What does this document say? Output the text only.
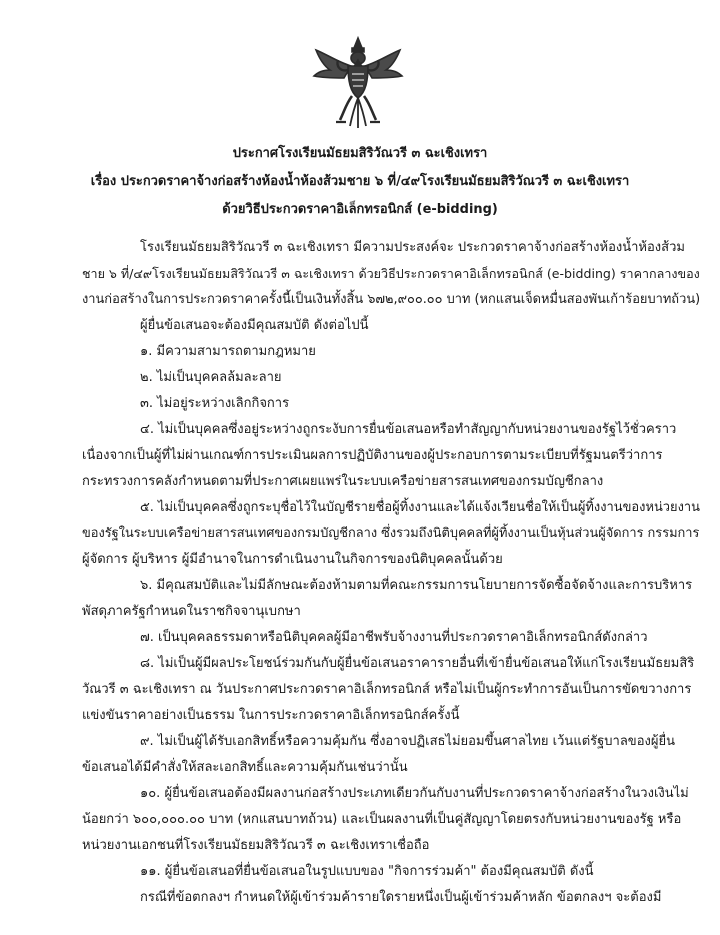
ประกาศโรงเรียนมัธยมสิริวัณวรี ๓ ฉะเชิงเทรา
เรื่อง ประกวดราคาจ้างก่อสร้างห้องน้ำห้องส้วมชาย ๖ ที่/๔๙โรงเรียนมัธยมสิริวัณวรี ๓ ฉะเชิงเทรา
ด้วยวิธีประกวดราคาอิเล็กทรอนิกส์ (e-bidding)
โรงเรียนมัธยมสิริวัณวรี ๓ ฉะเชิงเทรา มีความประสงค์จะ ประกวดราคาจ้างก่อสร้างห้องน้ำห้องส้วม
ชาย ๖ ที่/๔๙โรงเรียนมัธยมสิริวัณวรี ๓ ฉะเชิงเทรา ด้วยวิธีประกวดราคาอิเล็กทรอนิกส์ (e-bidding) ราคากลางของ
งานก่อสร้างในการประกวดราคาครั้งนี้เป็นเงินทั้งสิ้น ๖๗๒,๙๐๐.๐๐ บาท (หกแสนเจ็ดหมื่นสองพันเก้าร้อยบาทถ้วน)
ผู้ยื่นข้อเสนอจะต้องมีคุณสมบัติ ดังต่อไปนี้
๑. มีความสามารถตามกฎหมาย
๒. ไม่เป็นบุคคลล้มละลาย
๓. ไม่อยู่ระหว่างเลิกกิจการ
๔. ไม่เป็นบุคคลซึ่งอยู่ระหว่างถูกระงับการยื่นข้อเสนอหรือทำสัญญากับหน่วยงานของรัฐไว้ชั่วคราว
เนื่องจากเป็นผู้ที่ไม่ผ่านเกณฑ์การประเมินผลการปฏิบัติงานของผู้ประกอบการตามระเบียบที่รัฐมนตรีว่าการ
กระทรวงการคลังกำหนดตามที่ประกาศเผยแพร่ในระบบเครือข่ายสารสนเทศของกรมบัญชีกลาง
๕. ไม่เป็นบุคคลซึ่งถูกระบุชื่อไว้ในบัญชีรายชื่อผู้ทิ้งงานและได้แจ้งเวียนชื่อให้เป็นผู้ทิ้งงานของหน่วยงาน
ของรัฐในระบบเครือข่ายสารสนเทศของกรมบัญชีกลาง ซึ่งรวมถึงนิติบุคคลที่ผู้ทิ้งงานเป็นหุ้นส่วนผู้จัดการ กรรมการ
ผู้จัดการ ผู้บริหาร ผู้มีอำนาจในการดำเนินงานในกิจการของนิติบุคคลนั้นด้วย
๖. มีคุณสมบัติและไม่มีลักษณะต้องห้ามตามที่คณะกรรมการนโยบายการจัดซื้อจัดจ้างและการบริหาร
พัสดุภาครัฐกำหนดในราชกิจจานุเบกษา
๗. เป็นบุคคลธรรมดาหรือนิติบุคคลผู้มีอาชีพรับจ้างงานที่ประกวดราคาอิเล็กทรอนิกส์ดังกล่าว
๘. ไม่เป็นผู้มีผลประโยชน์ร่วมกันกับผู้ยื่นข้อเสนอราคารายอื่นที่เข้ายื่นข้อเสนอให้แก่โรงเรียนมัธยมสิริ
วัณวรี ๓ ฉะเชิงเทรา ณ วันประกาศประกวดราคาอิเล็กทรอนิกส์ หรือไม่เป็นผู้กระทำการอันเป็นการขัดขวางการ
แข่งขันราคาอย่างเป็นธรรม ในการประกวดราคาอิเล็กทรอนิกส์ครั้งนี้
๙. ไม่เป็นผู้ได้รับเอกสิทธิ์หรือความคุ้มกัน ซึ่งอาจปฏิเสธไม่ยอมขึ้นศาลไทย เว้นแต่รัฐบาลของผู้ยื่น
ข้อเสนอได้มีคำสั่งให้สละเอกสิทธิ์และความคุ้มกันเช่นว่านั้น
๑๐. ผู้ยื่นข้อเสนอต้องมีผลงานก่อสร้างประเภทเดียวกันกับงานที่ประกวดราคาจ้างก่อสร้างในวงเงินไม่
น้อยกว่า ๖๐๐,๐๐๐.๐๐ บาท (หกแสนบาทถ้วน) และเป็นผลงานที่เป็นคู่สัญญาโดยตรงกับหน่วยงานของรัฐ หรือ
หน่วยงานเอกชนที่โรงเรียนมัธยมสิริวัณวรี ๓ ฉะเชิงเทราเชื่อถือ
๑๑. ผู้ยื่นข้อเสนอที่ยื่นข้อเสนอในรูปแบบของ "กิจการร่วมค้า" ต้องมีคุณสมบัติ ดังนี้
กรณีที่ข้อตกลงฯ กำหนดให้ผู้เข้าร่วมค้ารายใดรายหนึ่งเป็นผู้เข้าร่วมค้าหลัก ข้อตกลงฯ จะต้องมี
